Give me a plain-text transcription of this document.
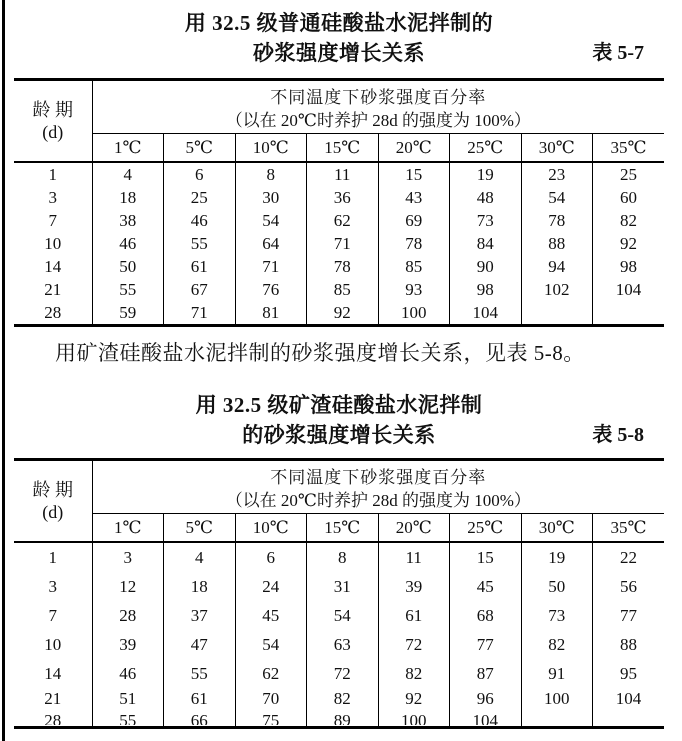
用 32.5 级普通硅酸盐水泥拌制的
砂浆强度增长关系	表 5-7
龄 期
(d)

不同温度下砂浆强度百分率
（以在 20℃时养护 28d 的强度为 100%）

	1℃	5℃	10℃	15℃	20℃	25℃	30℃	35℃
1	4	6	8	11	15	19	23	25
3	18	25	30	36	43	48	54	60
7	38	46	54	62	69	73	78	82
10	46	55	64	71	78	84	88	92
14	50	61	71	78	85	90	94	98
21	55	67	76	85	93	98	102	104
28	59	71	81	92	100	104		

用矿渣硅酸盐水泥拌制的砂浆强度增长关系，见表 5-8。

用 32.5 级矿渣硅酸盐水泥拌制
的砂浆强度增长关系	表 5-8
龄 期
(d)

不同温度下砂浆强度百分率
（以在 20℃时养护 28d 的强度为 100%）

	1℃	5℃	10℃	15℃	20℃	25℃	30℃	35℃
1	3	4	6	8	11	15	19	22
3	12	18	24	31	39	45	50	56
7	28	37	45	54	61	68	73	77
10	39	47	54	63	72	77	82	88
14	46	55	62	72	82	87	91	95
21	51	61	70	82	92	96	100	104

28	55	66	75	89	100	104		
